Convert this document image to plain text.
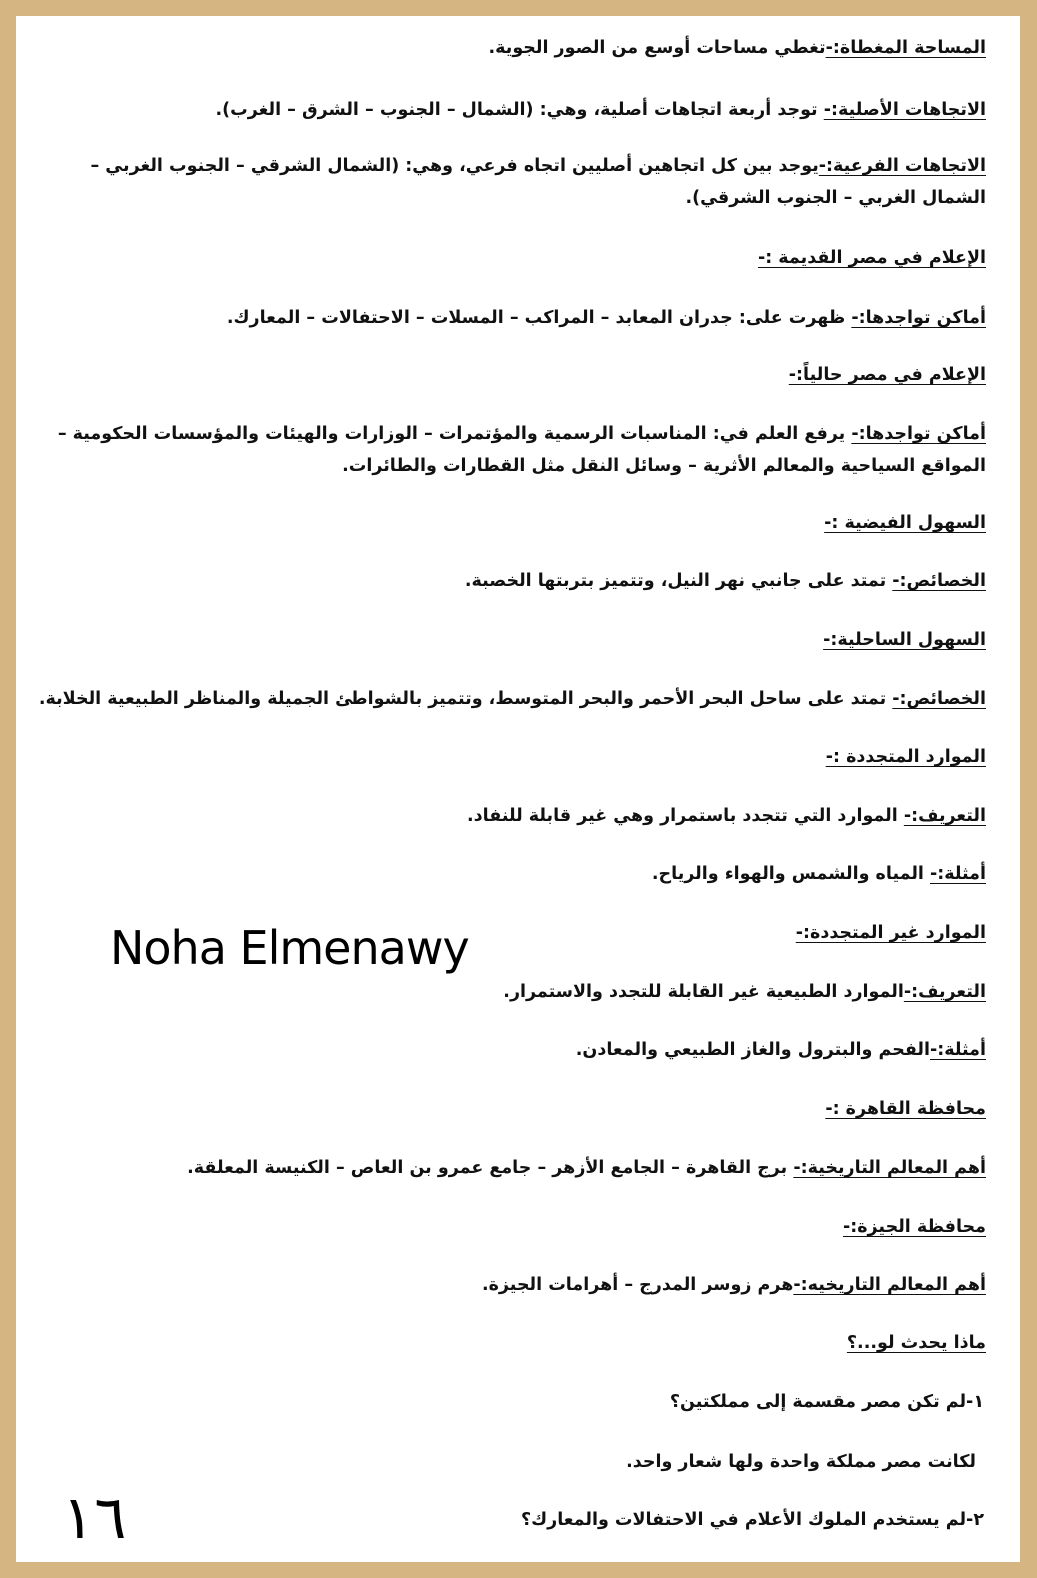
المساحة المغطاة:-تغطي مساحات أوسع من الصور الجوية.
الاتجاهات الأصلية:- توجد أربعة اتجاهات أصلية، وهي: (الشمال – الجنوب – الشرق – الغرب).
الاتجاهات الفرعية:-يوجد بين كل اتجاهين أصليين اتجاه فرعي، وهي: (الشمال الشرقي – الجنوب الغربي – الشمال الغربي – الجنوب الشرقي).
الإعلام في مصر القديمة :-
أماكن تواجدها:- ظهرت على: جدران المعابد – المراكب – المسلات – الاحتفالات – المعارك.
الإعلام في مصر حالياً:-
أماكن تواجدها:- يرفع العلم في: المناسبات الرسمية والمؤتمرات – الوزارات والهيئات والمؤسسات الحكومية – المواقع السياحية والمعالم الأثرية – وسائل النقل مثل القطارات والطائرات.
السهول الفيضية :-
الخصائص:- تمتد على جانبي نهر النيل، وتتميز بتربتها الخصبة.
السهول الساحلية:-
الخصائص:- تمتد على ساحل البحر الأحمر والبحر المتوسط، وتتميز بالشواطئ الجميلة والمناظر الطبيعية الخلابة.
الموارد المتجددة :-
التعريف:- الموارد التي تتجدد باستمرار وهي غير قابلة للنفاد.
أمثلة:- المياه والشمس والهواء والرياح.
الموارد غير المتجددة:-
التعريف:-الموارد الطبيعية غير القابلة للتجدد والاستمرار.
أمثلة:-الفحم والبترول والغاز الطبيعي والمعادن.
محافظة القاهرة :-
أهم المعالم التاريخية:- برج القاهرة – الجامع الأزهر – جامع عمرو بن العاص – الكنيسة المعلقة.
محافظة الجيزة:-
أهم المعالم التاريخيه:-هرم زوسر المدرج – أهرامات الجيزة.
ماذا يحدث لو...؟
١-لم تكن مصر مقسمة إلى مملكتين؟
لكانت مصر مملكة واحدة ولها شعار واحد.
٢-لم يستخدم الملوك الأعلام في الاحتفالات والمعارك؟
Noha Elmenawy
١٦
